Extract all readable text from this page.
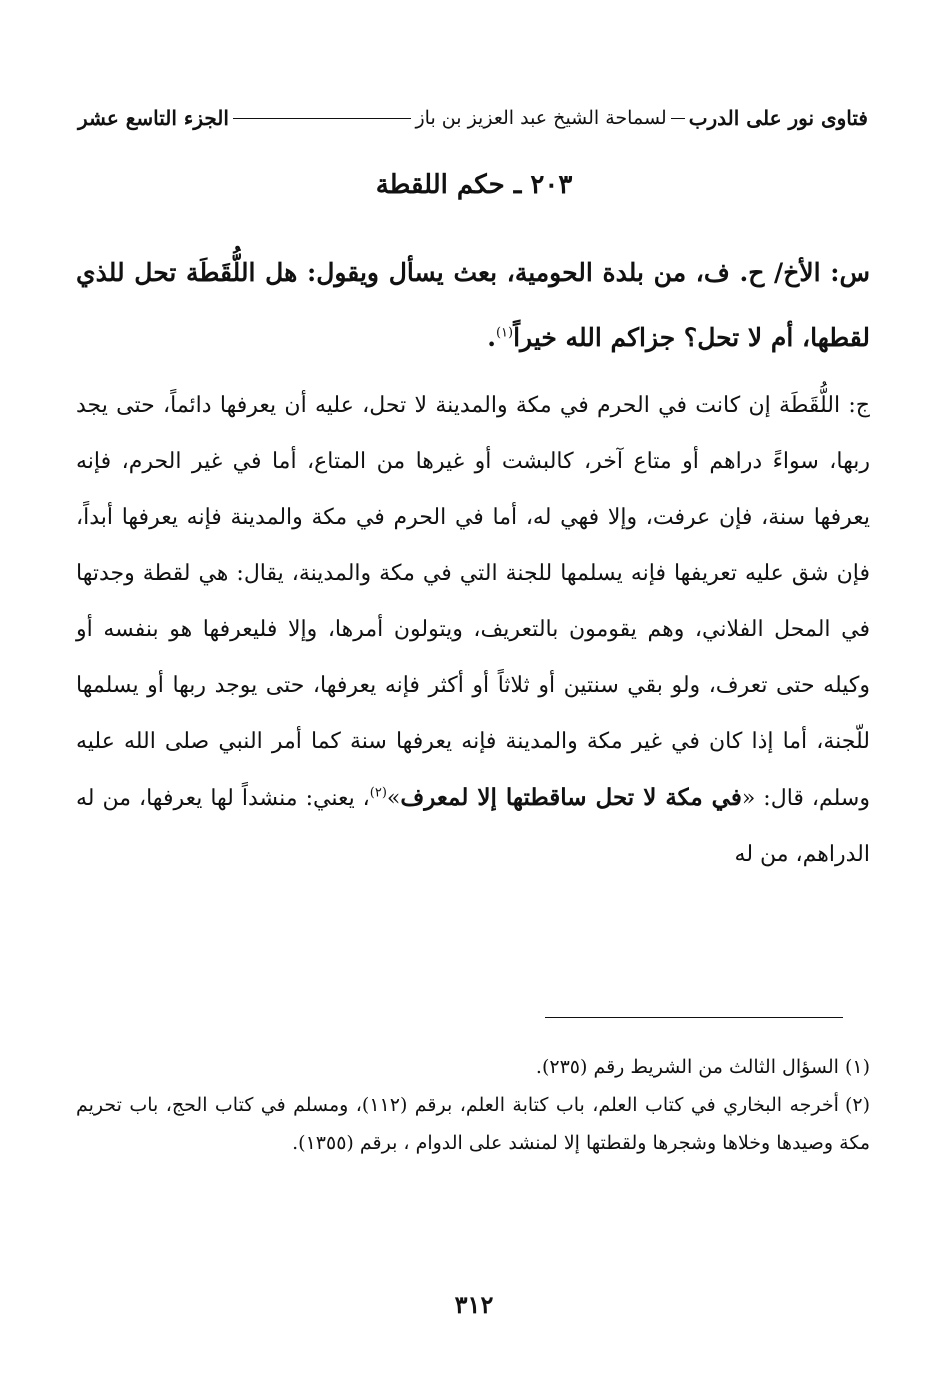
فتاوى نور على الدرب
لسماحة الشيخ عبد العزيز بن باز
الجزء التاسع عشر
٢٠٣ ـ حكم اللقطة

س: الأخ/ ح. ف، من بلدة الحومية، بعث يسأل ويقول: هل اللُّقَطَة تحل للذي لقطها، أم لا تحل؟ جزاكم الله خيراً$^{(١)}$.

ج: اللُّقَطَة إن كانت في الحرم في مكة والمدينة لا تحل، عليه أن يعرفها دائماً، حتى يجد ربها، سواءً دراهم أو متاع آخر، كالبشت أو غيرها من المتاع، أما في غير الحرم، فإنه يعرفها سنة، فإن عرفت، وإلا فهي له، أما في الحرم في مكة والمدينة فإنه يعرفها أبداً، فإن شق عليه تعريفها فإنه يسلمها للجنة التي في مكة والمدينة، يقال: هي لقطة وجدتها في المحل الفلاني، وهم يقومون بالتعريف، ويتولون أمرها، وإلا فليعرفها هو بنفسه أو وكيله حتى تعرف، ولو بقي سنتين أو ثلاثاً أو أكثر فإنه يعرفها، حتى يوجد ربها أو يسلمها للّجنة، أما إذا كان في غير مكة والمدينة فإنه يعرفها سنة كما أمر النبي صلى الله عليه وسلم، قال: «في مكة لا تحل ساقطتها إلا لمعرف»$^{(٢)}$، يعني: منشداً لها يعرفها، من له الدراهم، من له

(١)السؤال الثالث من الشريط رقم (٢٣٥).

(٢)أخرجه البخاري في كتاب العلم، باب كتابة العلم، برقم (١١٢)، ومسلم في كتاب الحج، باب تحريم مكة وصيدها وخلاها وشجرها ولقطتها إلا لمنشد على الدوام ، برقم (١٣٥٥).

٣١٢
